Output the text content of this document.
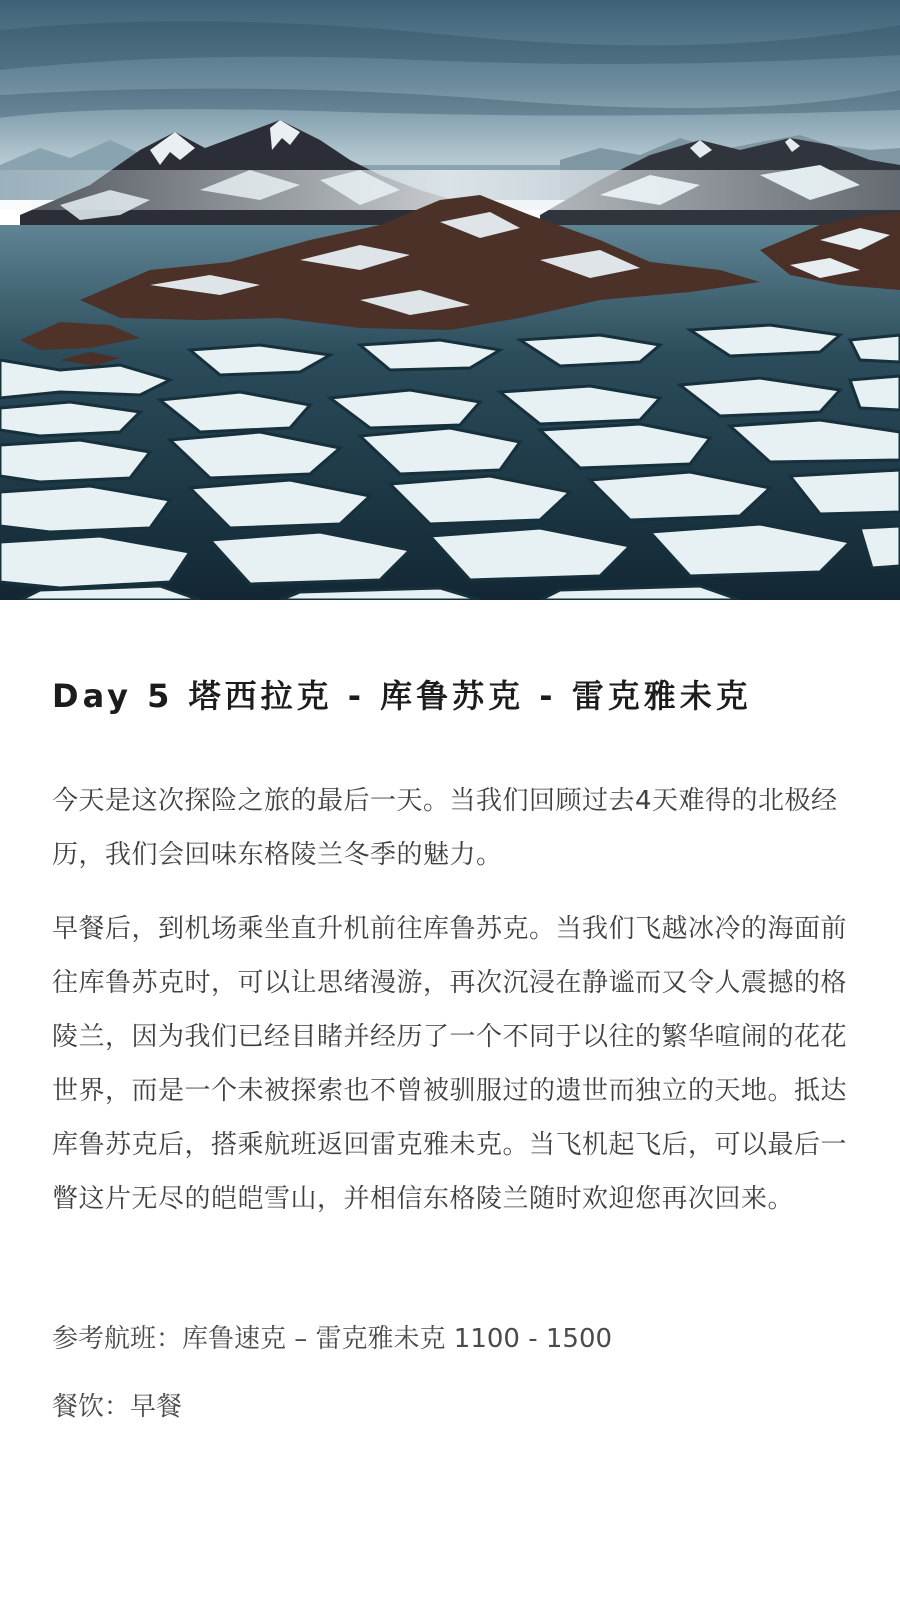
Day 5 塔西拉克 - 库鲁苏克 - 雷克雅未克

今天是这次探险之旅的最后一天。当我们回顾过去4天难得的北极经历，我们会回味东格陵兰冬季的魅力。

早餐后，到机场乘坐直升机前往库鲁苏克。当我们飞越冰冷的海面前往库鲁苏克时，可以让思绪漫游，再次沉浸在静谧而又令人震撼的格陵兰，因为我们已经目睹并经历了一个不同于以往的繁华喧闹的花花世界，而是一个未被探索也不曾被驯服过的遗世而独立的天地。抵达库鲁苏克后，搭乘航班返回雷克雅未克。当飞机起飞后，可以最后一瞥这片无尽的皑皑雪山，并相信东格陵兰随时欢迎您再次回来。

参考航班：库鲁速克 – 雷克雅未克 1100 - 1500

餐饮：早餐
